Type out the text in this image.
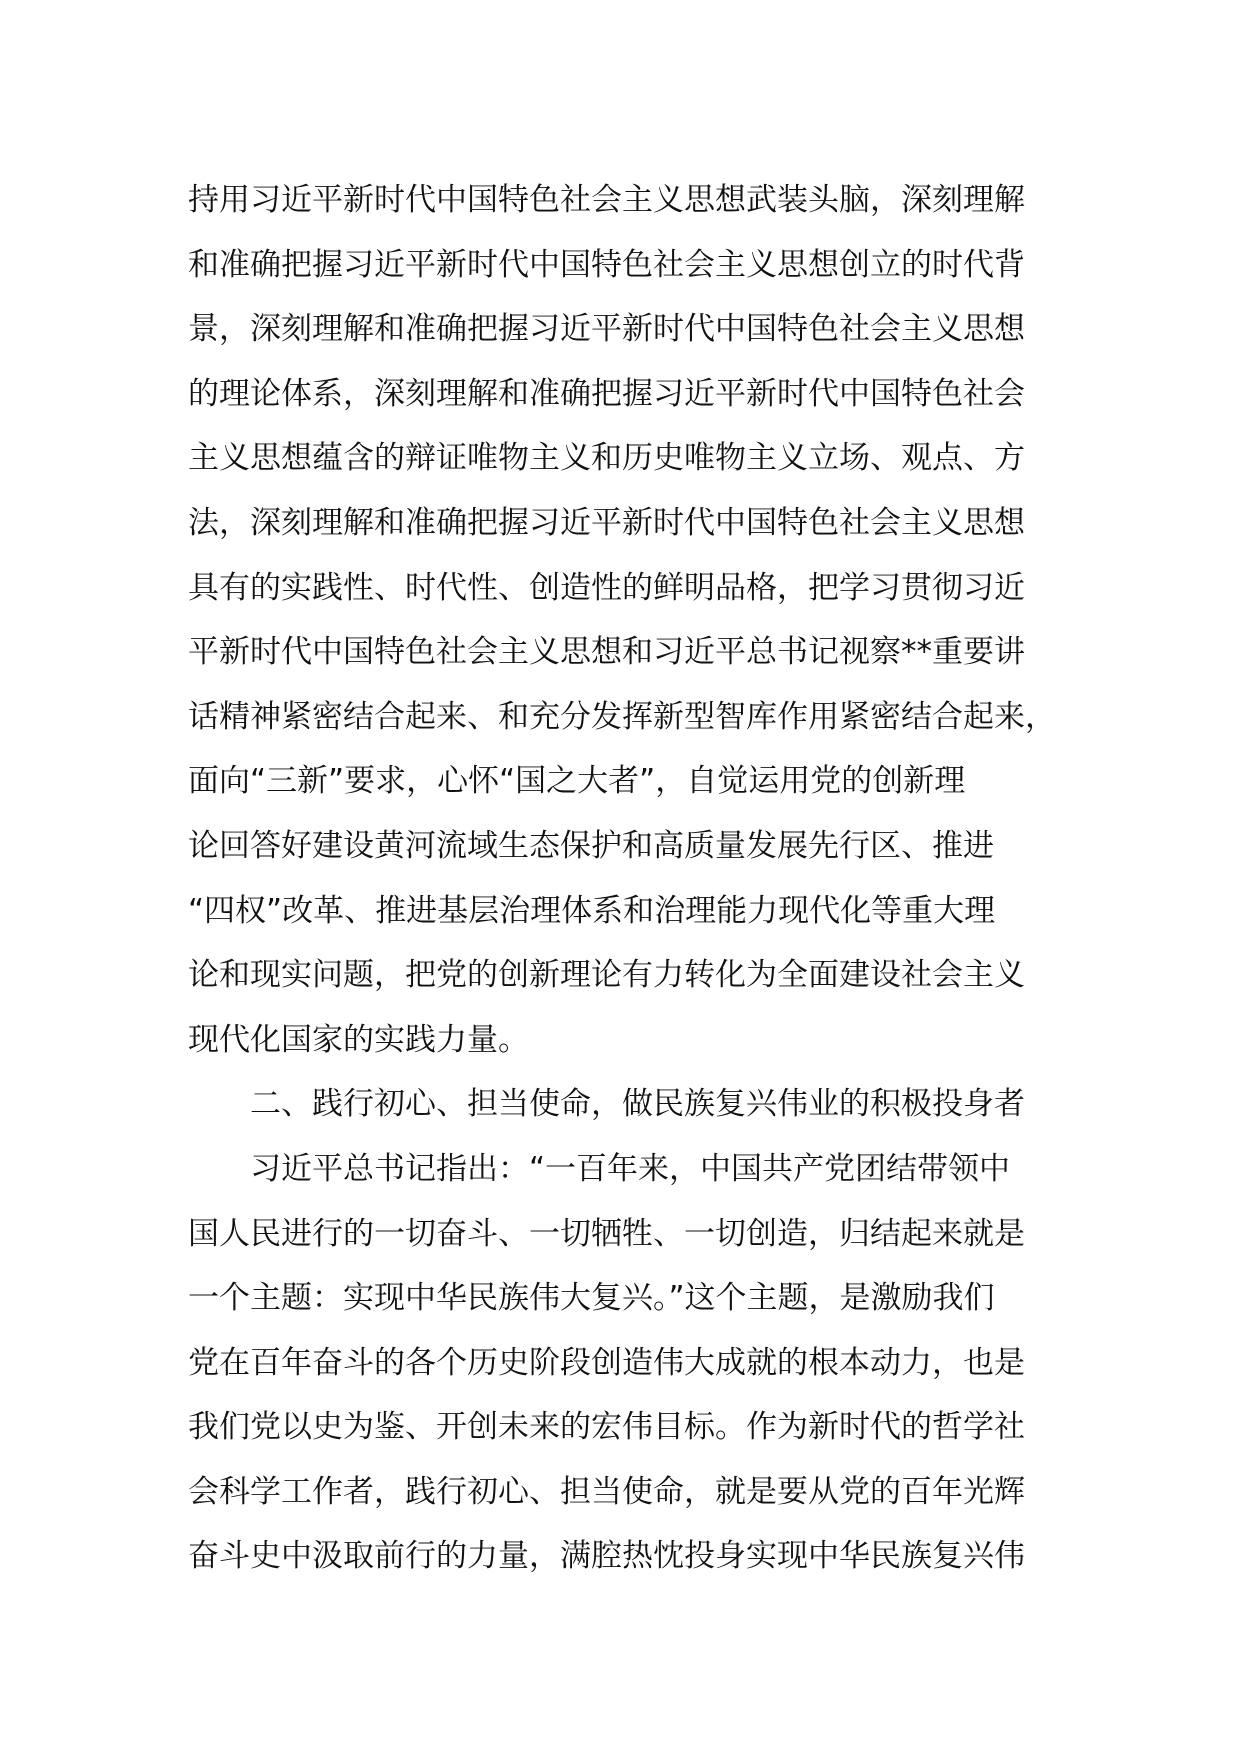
持用习近平新时代中国特色社会主义思想武装头脑，深刻理解
和准确把握习近平新时代中国特色社会主义思想创立的时代背
景，深刻理解和准确把握习近平新时代中国特色社会主义思想
的理论体系，深刻理解和准确把握习近平新时代中国特色社会
主义思想蕴含的辩证唯物主义和历史唯物主义立场、观点、方
法，深刻理解和准确把握习近平新时代中国特色社会主义思想
具有的实践性、时代性、创造性的鲜明品格，把学习贯彻习近
平新时代中国特色社会主义思想和习近平总书记视察**重要讲
话精神紧密结合起来、和充分发挥新型智库作用紧密结合起来，
面向“三新”要求，心怀“国之大者”，自觉运用党的创新理
论回答好建设黄河流域生态保护和高质量发展先行区、推进
“四权”改革、推进基层治理体系和治理能力现代化等重大理
论和现实问题，把党的创新理论有力转化为全面建设社会主义
现代化国家的实践力量。
二、践行初心、担当使命，做民族复兴伟业的积极投身者
习近平总书记指出：“一百年来，中国共产党团结带领中
国人民进行的一切奋斗、一切牺牲、一切创造，归结起来就是
一个主题：实现中华民族伟大复兴。”这个主题，是激励我们
党在百年奋斗的各个历史阶段创造伟大成就的根本动力，也是
我们党以史为鉴、开创未来的宏伟目标。作为新时代的哲学社
会科学工作者，践行初心、担当使命，就是要从党的百年光辉
奋斗史中汲取前行的力量，满腔热忱投身实现中华民族复兴伟
